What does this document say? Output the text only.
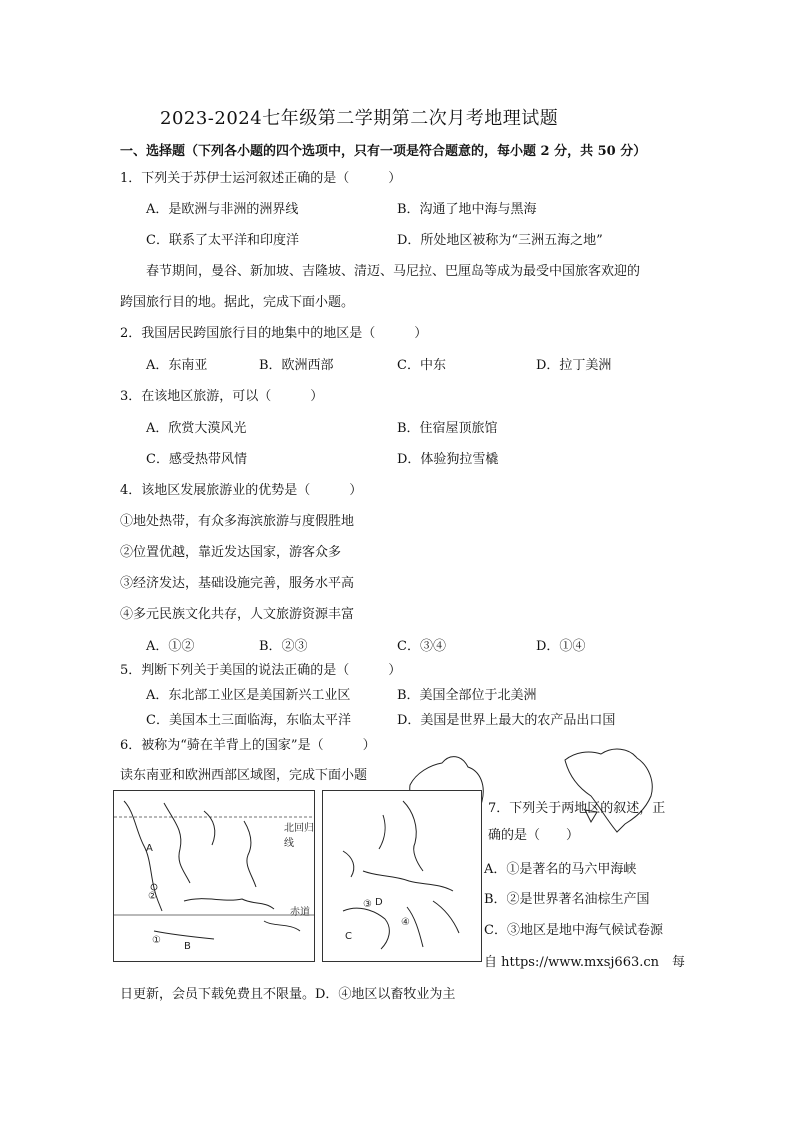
2023-2024七年级第二学期第二次月考地理试题
一、选择题（下列各小题的四个选项中，只有一项是符合题意的，每小题 2 分，共 50 分）
1．下列关于苏伊士运河叙述正确的是（　　　）
A．是欧洲与非洲的洲界线	B．沟通了地中海与黑海
C．联系了太平洋和印度洋	D．所处地区被称为“三洲五海之地”
春节期间，曼谷、新加坡、吉隆坡、清迈、马尼拉、巴厘岛等成为最受中国旅客欢迎的
跨国旅行目的地。据此，完成下面小题。
2．我国居民跨国旅行目的地集中的地区是（　　　）
A．东南亚	B．欧洲西部	C．中东	D．拉丁美洲
3．在该地区旅游，可以（　　　）
A．欣赏大漠风光	B．住宿屋顶旅馆
C．感受热带风情	D．体验狗拉雪橇
4．该地区发展旅游业的优势是（　　　）
①地处热带，有众多海滨旅游与度假胜地
②位置优越，靠近发达国家，游客众多
③经济发达，基础设施完善，服务水平高
④多元民族文化共存，人文旅游资源丰富
A．①②	B．②③	C．③④	D．①④
5．判断下列关于美国的说法正确的是（　　　）
A．东北部工业区是美国新兴工业区	B．美国全部位于北美洲
C．美国本土三面临海，东临太平洋	D．美国是世界上最大的农产品出口国
6．被称为“骑在羊背上的国家”是（　　　）
读东南亚和欧洲西部区域图，完成下面小题
北回归线
赤道
A
B
②
①
③ D
C
④
7．下列关于两地区的叙述，正
确的是（　　）
A．①是著名的马六甲海峡
B．②是世界著名油棕生产国
C．③地区是地中海气候试卷源
自 https://www.mxsj663.cn　每
日更新，会员下载免费且不限量。D．④地区以畜牧业为主
